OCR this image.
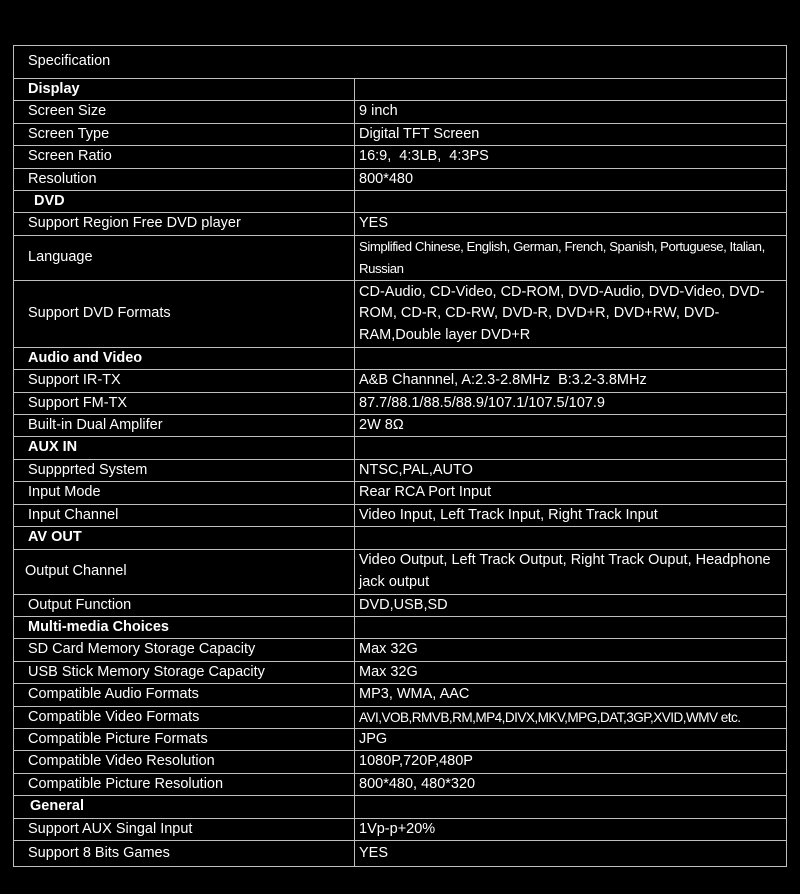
Specification	
Display	
Screen Size	9 inch
Screen Type	Digital TFT Screen
Screen Ratio	16:9,  4:3LB,  4:3PS
Resolution	800*480
DVD	
Support Region Free DVD player	YES
Language	Simplified Chinese, English, German, French, Spanish, Portuguese, Italian, Russian
Support DVD Formats	CD-Audio, CD-Video, CD-ROM, DVD-Audio, DVD-Video, DVD-ROM, CD-R, CD-RW, DVD-R, DVD+R, DVD+RW, DVD-RAM,Double layer DVD+R
Audio and Video	
Support IR-TX	A&B Channnel, A:2.3-2.8MHz  B:3.2-3.8MHz
Support FM-TX	87.7/88.1/88.5/88.9/107.1/107.5/107.9
Built-in Dual Amplifer	2W 8Ω
AUX IN	
Suppprted System	NTSC,PAL,AUTO
Input Mode	Rear RCA Port Input
Input Channel	Video Input, Left Track Input, Right Track Input
AV OUT	
Output Channel	Video Output, Left Track Output, Right Track Ouput, Headphone jack output
Output Function	DVD,USB,SD
Multi-media Choices	
SD Card Memory Storage Capacity	Max 32G
USB Stick Memory Storage Capacity	Max 32G
Compatible Audio Formats	MP3, WMA, AAC
Compatible Video Formats	AVI,VOB,RMVB,RM,MP4,DIVX,MKV,MPG,DAT,3GP,XVID,WMV etc.
Compatible Picture Formats	JPG
Compatible Video Resolution	1080P,720P,480P
Compatible Picture Resolution	800*480, 480*320
General	
Support AUX Singal Input	1Vp-p+20%
Support 8 Bits Games	YES
